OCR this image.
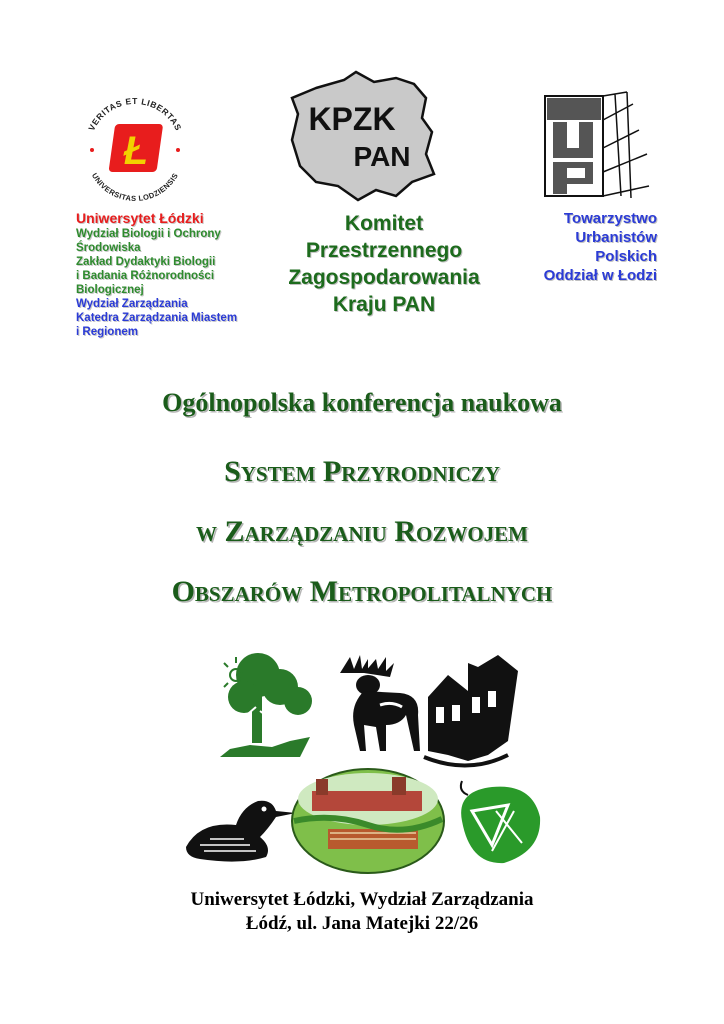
VERITAS ET LIBERTAS
UNIVERSITAS LODZIENSIS
Ł
Uniwersytet Łódzki
Wydział Biologii i Ochrony
Środowiska
Zakład Dydaktyki Biologii
i Badania Różnorodności
Biologicznej
Wydział Zarządzania
Katedra Zarządzania Miastem
i Regionem
KPZK
PAN
Komitet
Przestrzennego
Zagospodarowania
Kraju PAN
Towarzystwo
Urbanistów
Polskich
Oddział w Łodzi
Ogólnopolska konferencja naukowa
System Przyrodniczy
w Zarządzaniu Rozwojem
Obszarów Metropolitalnych
Uniwersytet Łódzki, Wydział Zarządzania
Łódź, ul. Jana Matejki 22/26
